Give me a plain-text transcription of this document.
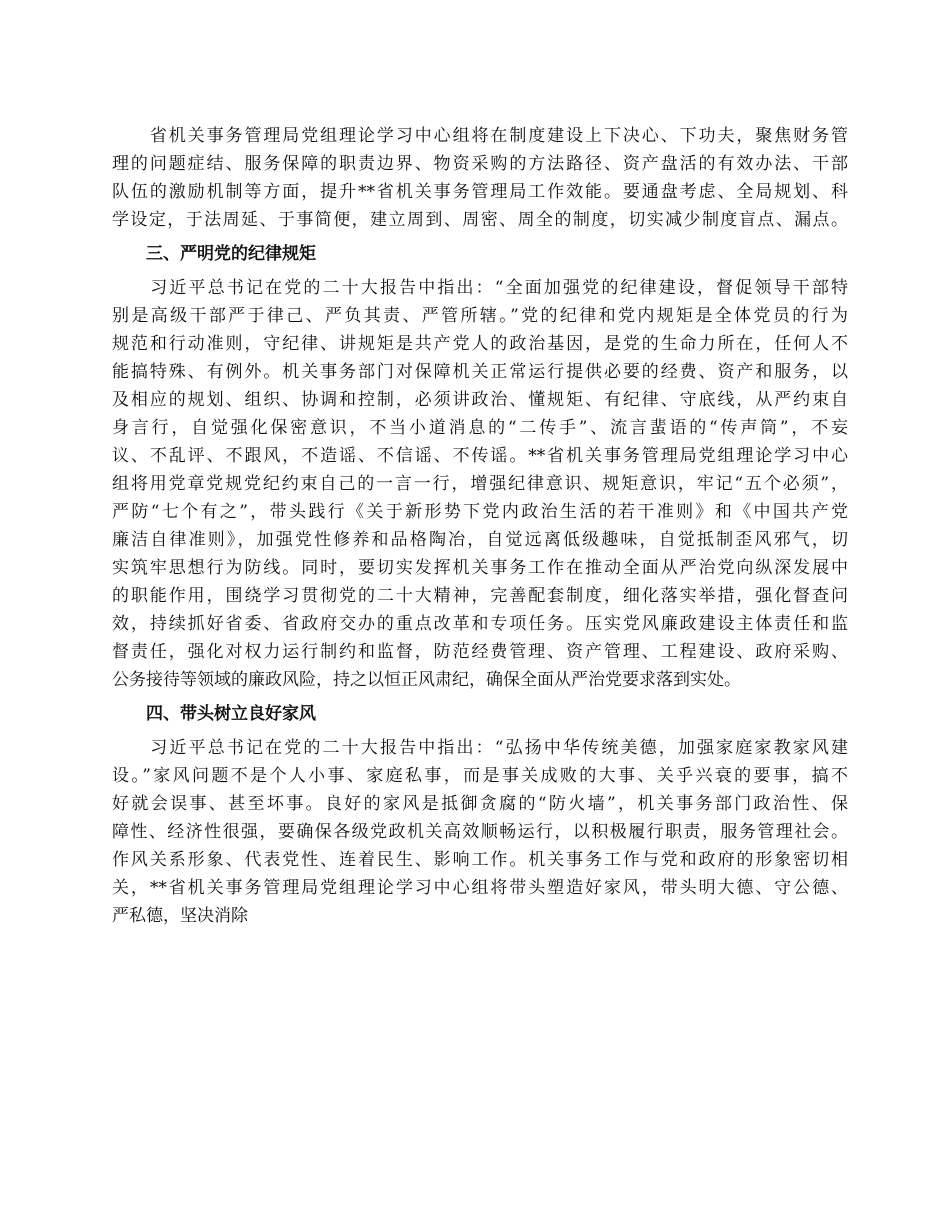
　　省机关事务管理局党组理论学习中心组将在制度建设上下决心、下功夫，聚焦财务管
理的问题症结、服务保障的职责边界、物资采购的方法路径、资产盘活的有效办法、干部
队伍的激励机制等方面，提升**省机关事务管理局工作效能。要通盘考虑、全局规划、科
学设定，于法周延、于事简便，建立周到、周密、周全的制度，切实减少制度盲点、漏点。
　　三、严明党的纪律规矩
　　习近平总书记在党的二十大报告中指出：“全面加强党的纪律建设，督促领导干部特
别是高级干部严于律己、严负其责、严管所辖。”党的纪律和党内规矩是全体党员的行为
规范和行动准则，守纪律、讲规矩是共产党人的政治基因，是党的生命力所在，任何人不
能搞特殊、有例外。机关事务部门对保障机关正常运行提供必要的经费、资产和服务，以
及相应的规划、组织、协调和控制，必须讲政治、懂规矩、有纪律、守底线，从严约束自
身言行，自觉强化保密意识，不当小道消息的“二传手”、流言蜚语的“传声筒”，不妄
议、不乱评、不跟风，不造谣、不信谣、不传谣。**省机关事务管理局党组理论学习中心
组将用党章党规党纪约束自己的一言一行，增强纪律意识、规矩意识，牢记“五个必须”，
严防“七个有之”，带头践行《关于新形势下党内政治生活的若干准则》和《中国共产党
廉洁自律准则》，加强党性修养和品格陶冶，自觉远离低级趣味，自觉抵制歪风邪气，切
实筑牢思想行为防线。同时，要切实发挥机关事务工作在推动全面从严治党向纵深发展中
的职能作用，围绕学习贯彻党的二十大精神，完善配套制度，细化落实举措，强化督查问
效，持续抓好省委、省政府交办的重点改革和专项任务。压实党风廉政建设主体责任和监
督责任，强化对权力运行制约和监督，防范经费管理、资产管理、工程建设、政府采购、
公务接待等领域的廉政风险，持之以恒正风肃纪，确保全面从严治党要求落到实处。
　　四、带头树立良好家风
　　习近平总书记在党的二十大报告中指出：“弘扬中华传统美德，加强家庭家教家风建
设。”家风问题不是个人小事、家庭私事，而是事关成败的大事、关乎兴衰的要事，搞不
好就会误事、甚至坏事。良好的家风是抵御贪腐的“防火墙”，机关事务部门政治性、保
障性、经济性很强，要确保各级党政机关高效顺畅运行，以积极履行职责，服务管理社会。
作风关系形象、代表党性、连着民生、影响工作。机关事务工作与党和政府的形象密切相
关，**省机关事务管理局党组理论学习中心组将带头塑造好家风，带头明大德、守公德、
严私德，坚决消除
